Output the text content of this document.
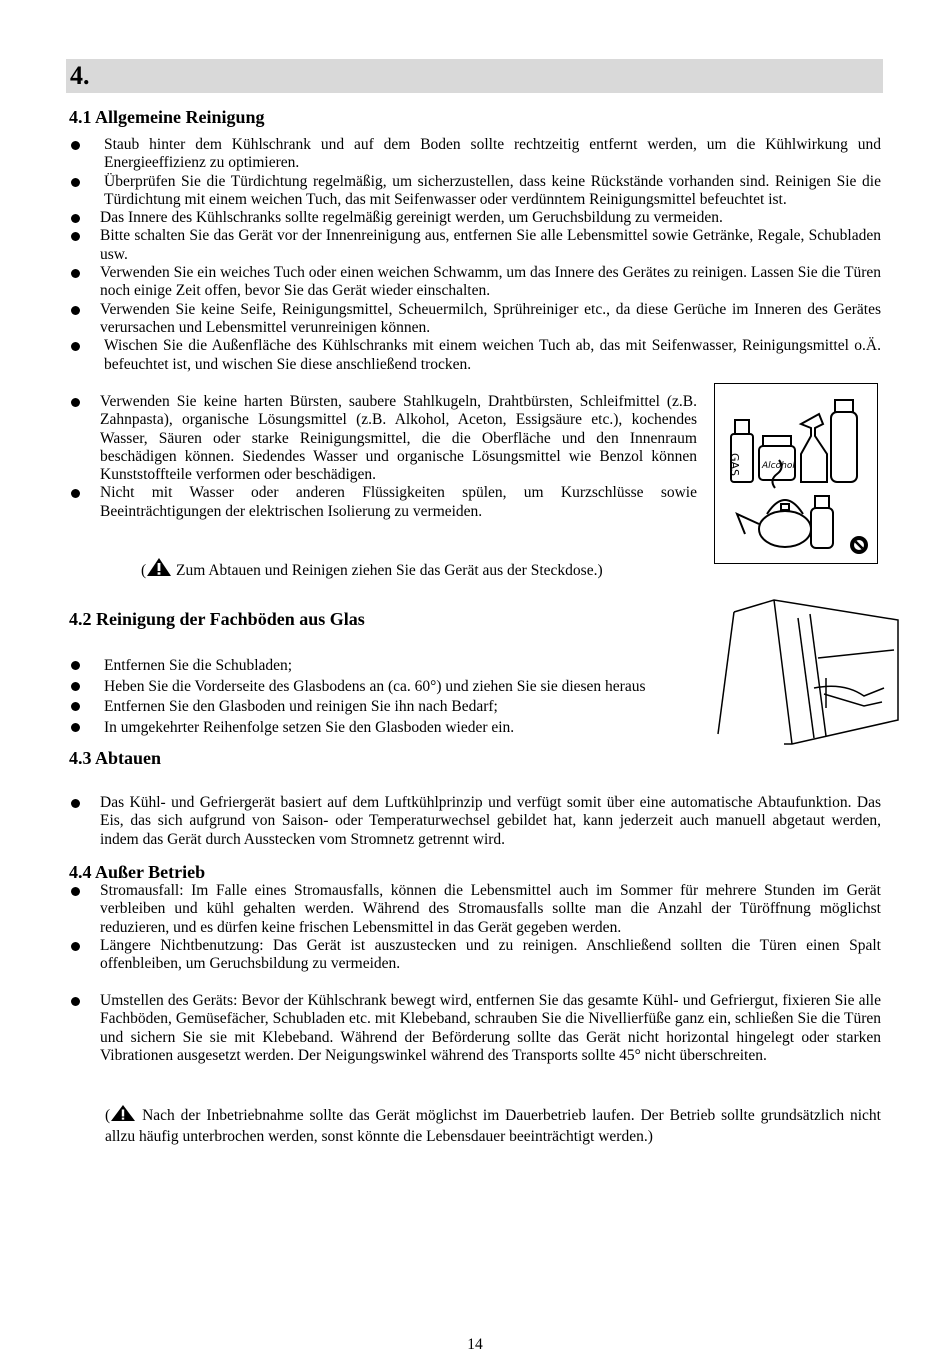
4.
4.1 Allgemeine Reinigung
Staub hinter dem Kühlschrank und auf dem Boden sollte rechtzeitig entfernt werden, um die Kühlwirkung und Energieeffizienz zu optimieren.
Überprüfen Sie die Türdichtung regelmäßig, um sicherzustellen, dass keine Rückstände vorhanden sind. Reinigen Sie die Türdichtung mit einem weichen Tuch, das mit Seifenwasser oder verdünntem Reinigungsmittel befeuchtet ist.
Das Innere des Kühlschranks sollte regelmäßig gereinigt werden, um Geruchsbildung zu vermeiden.
Bitte schalten Sie das Gerät vor der Innenreinigung aus, entfernen Sie alle Lebensmittel sowie Getränke, Regale, Schubladen usw.
Verwenden Sie ein weiches Tuch oder einen weichen Schwamm, um das Innere des Gerätes zu reinigen. Lassen Sie die Türen noch einige Zeit offen, bevor Sie das Gerät wieder einschalten.
Verwenden Sie keine Seife, Reinigungsmittel, Scheuermilch, Sprühreiniger etc., da diese Gerüche im Inneren des Gerätes verursachen und Lebensmittel verunreinigen können.
Wischen Sie die Außenfläche des Kühlschranks mit einem weichen Tuch ab, das mit Seifenwasser, Reinigungsmittel o.Ä. befeuchtet ist, und wischen Sie diese anschließend trocken.
Verwenden Sie keine harten Bürsten, saubere Stahlkugeln, Drahtbürsten, Schleifmittel (z.B. Zahnpasta), organische Lösungsmittel (z.B. Alkohol, Aceton, Essigsäure etc.), kochendes Wasser, Säuren oder starke Reinigungsmittel, die die Oberfläche und den Innenraum beschädigen können. Siedendes Wasser und organische Lösungsmittel wie Benzol können Kunststoffteile verformen oder beschädigen.
Nicht mit Wasser oder anderen Flüssigkeiten spülen, um Kurzschlüsse sowie Beeinträchtigungen der elektrischen Isolierung zu vermeiden.
( Zum Abtauen und Reinigen ziehen Sie das Gerät aus der Steckdose.)
GAS Alcohol
4.2 Reinigung der Fachböden aus Glas
Entfernen Sie die Schubladen;
Heben Sie die Vorderseite des Glasbodens an (ca. 60°) und ziehen Sie sie diesen heraus
Entfernen Sie den Glasboden und reinigen Sie ihn nach Bedarf;
In umgekehrter Reihenfolge setzen Sie den Glasboden wieder ein.
4.3 Abtauen
Das Kühl- und Gefriergerät basiert auf dem Luftkühlprinzip und verfügt somit über eine automatische Abtaufunktion. Das Eis, das sich aufgrund von Saison- oder Temperaturwechsel gebildet hat, kann jederzeit auch manuell abgetaut werden, indem das Gerät durch Ausstecken vom Stromnetz getrennt wird.
4.4 Außer Betrieb
Stromausfall: Im Falle eines Stromausfalls, können die Lebensmittel auch im Sommer für mehrere Stunden im Gerät verbleiben und kühl gehalten werden. Während des Stromausfalls sollte man die Anzahl der Türöffnung möglichst reduzieren, und es dürfen keine frischen Lebensmittel in das Gerät gegeben werden.
Längere Nichtbenutzung: Das Gerät ist auszustecken und zu reinigen. Anschließend sollten die Türen einen Spalt offenbleiben, um Geruchsbildung zu vermeiden.
Umstellen des Geräts: Bevor der Kühlschrank bewegt wird, entfernen Sie das gesamte Kühl- und Gefriergut, fixieren Sie alle Fachböden, Gemüsefächer, Schubladen etc. mit Klebeband, schrauben Sie die Nivellierfüße ganz ein, schließen Sie die Türen und sichern Sie sie mit Klebeband. Während der Beförderung sollte das Gerät nicht horizontal hingelegt oder starken Vibrationen ausgesetzt werden. Der Neigungswinkel während des Transports sollte 45° nicht überschreiten.
( Nach der Inbetriebnahme sollte das Gerät möglichst im Dauerbetrieb laufen. Der Betrieb sollte grundsätzlich nicht allzu häufig unterbrochen werden, sonst könnte die Lebensdauer beeinträchtigt werden.)
14
